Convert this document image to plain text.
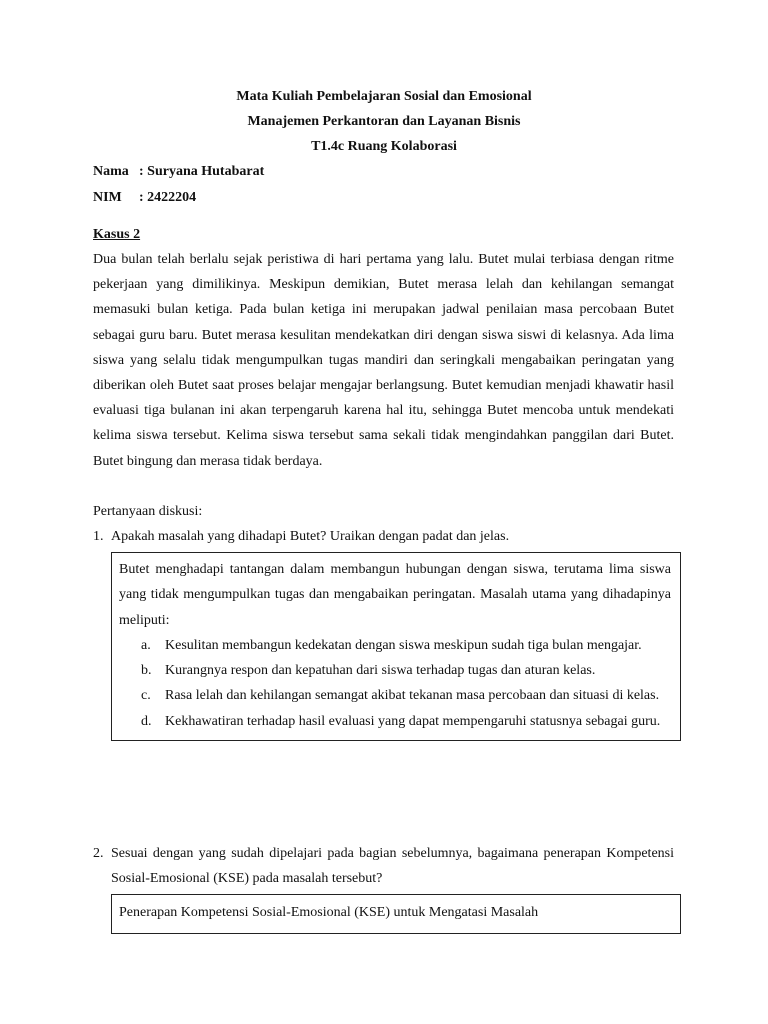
Mata Kuliah Pembelajaran Sosial dan Emosional
Manajemen Perkantoran dan Layanan Bisnis
T1.4c Ruang Kolaborasi
Nama : Suryana Hutabarat
NIM : 2422204
Kasus 2
Dua bulan telah berlalu sejak peristiwa di hari pertama yang lalu. Butet mulai terbiasa dengan ritme pekerjaan yang dimilikinya. Meskipun demikian, Butet merasa lelah dan kehilangan semangat memasuki bulan ketiga. Pada bulan ketiga ini merupakan jadwal penilaian masa percobaan Butet sebagai guru baru. Butet merasa kesulitan mendekatkan diri dengan siswa siswi di kelasnya. Ada lima siswa yang selalu tidak mengumpulkan tugas mandiri dan seringkali mengabaikan peringatan yang diberikan oleh Butet saat proses belajar mengajar berlangsung. Butet kemudian menjadi khawatir hasil evaluasi tiga bulanan ini akan terpengaruh karena hal itu, sehingga Butet mencoba untuk mendekati kelima siswa tersebut. Kelima siswa tersebut sama sekali tidak mengindahkan panggilan dari Butet. Butet bingung dan merasa tidak berdaya.
Pertanyaan diskusi:
1. Apakah masalah yang dihadapi Butet? Uraikan dengan padat dan jelas.
Butet menghadapi tantangan dalam membangun hubungan dengan siswa, terutama lima siswa yang tidak mengumpulkan tugas dan mengabaikan peringatan. Masalah utama yang dihadapinya meliputi:
a. Kesulitan membangun kedekatan dengan siswa meskipun sudah tiga bulan mengajar.
b. Kurangnya respon dan kepatuhan dari siswa terhadap tugas dan aturan kelas.
c. Rasa lelah dan kehilangan semangat akibat tekanan masa percobaan dan situasi di kelas.
d. Kekhawatiran terhadap hasil evaluasi yang dapat mempengaruhi statusnya sebagai guru.
2. Sesuai dengan yang sudah dipelajari pada bagian sebelumnya, bagaimana penerapan Kompetensi Sosial-Emosional (KSE) pada masalah tersebut?
Penerapan Kompetensi Sosial-Emosional (KSE) untuk Mengatasi Masalah
